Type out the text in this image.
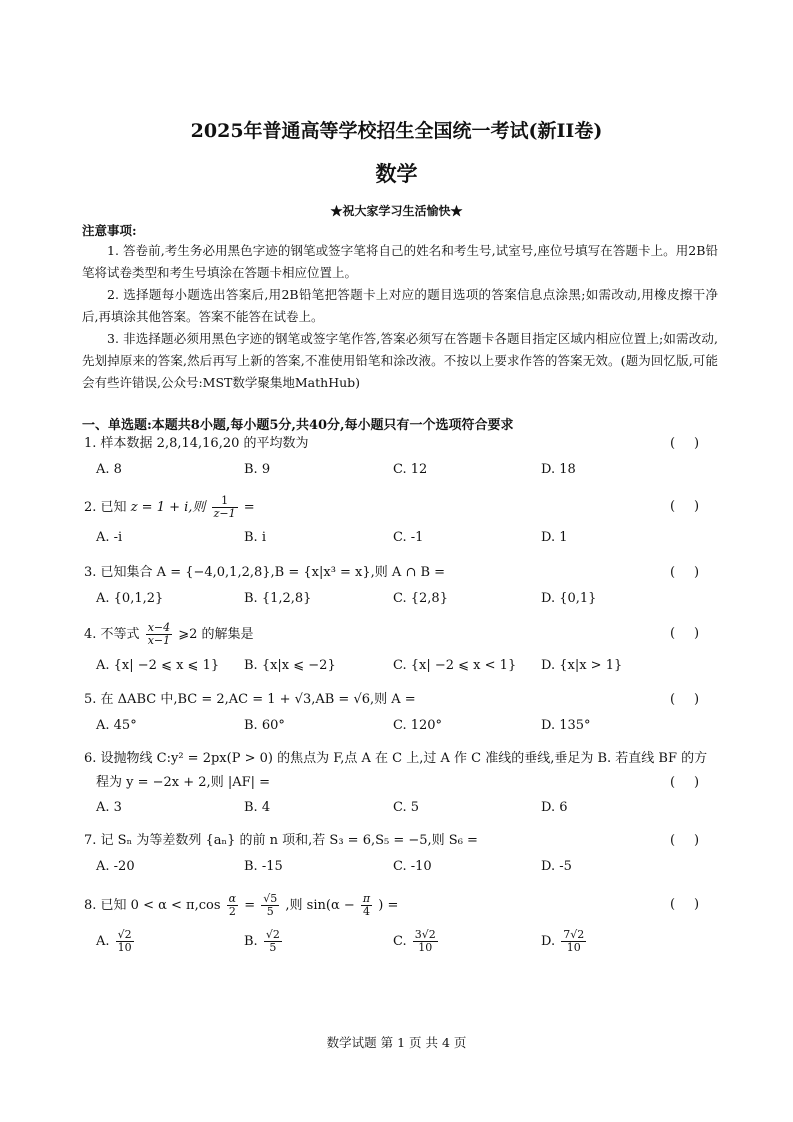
2025年普通高等学校招生全国统一考试(新II卷)
数学
★祝大家学习生活愉快★
注意事项:
1. 答卷前,考生务必用黑色字迹的钢笔或签字笔将自己的姓名和考生号,试室号,座位号填写在答题卡上。用2B铅笔将试卷类型和考生号填涂在答题卡相应位置上。
2. 选择题每小题选出答案后,用2B铅笔把答题卡上对应的题目选项的答案信息点涂黑;如需改动,用橡皮擦干净后,再填涂其他答案。答案不能答在试卷上。
3. 非选择题必须用黑色字迹的钢笔或签字笔作答,答案必须写在答题卡各题目指定区域内相应位置上;如需改动,先划掉原来的答案,然后再写上新的答案,不准使用铅笔和涂改液。不按以上要求作答的答案无效。(题为回忆版,可能会有些许错误,公众号:MST数学聚集地MathHub)
一、单选题:本题共8小题,每小题5分,共40分,每小题只有一个选项符合要求
1. 样本数据 2,8,14,16,20 的平均数为	( )
A. 8	B. 9	C. 12	D. 18
2. 已知 z = 1 + i,则 $\frac{1}{z-1}$ =	( )
A. -i	B. i	C. -1	D. 1
3. 已知集合 A = {−4,0,1,2,8},B = {x|x³ = x},则 A ∩ B =	( )
A. {0,1,2}	B. {1,2,8}	C. {2,8}	D. {0,1}
4. 不等式 $\frac{x-4}{x-1}$ ⩾2 的解集是	( )
A. {x| −2 ⩽ x ⩽ 1} B. {x|x ⩽ −2}	C. {x| −2 ⩽ x < 1} D. {x|x > 1}
5. 在 ΔABC 中,BC = 2,AC = 1 + √3,AB = √6,则 A =	( )
A. 45°	B. 60°	C. 120°	D. 135°
6. 设抛物线 C:y² = 2px(P > 0) 的焦点为 F,点 A 在 C 上,过 A 作 C 准线的垂线,垂足为 B. 若直线 BF 的方
程为 y = −2x + 2,则 |AF| =	( )
A. 3	B. 4	C. 5	D. 6
7. 记 Sₙ 为等差数列 {aₙ} 的前 n 项和,若 S₃ = 6,S₅ = −5,则 S₆ =	( )
A. -20	B. -15	C. -10	D. -5
8. 已知 $0 < \alpha < \pi,\cos \frac{\alpha}{2} = \frac{√5}{5}$ ,则 $\sin(\alpha - \frac{\pi}{4}$ ) =	( )
A. $\frac{√2}{10}$	B. $\frac{√2}{5}$	C. $\frac{3√2}{10}$	D. $\frac{7√2}{10}$
数学试题 第 1 页 共 4 页
